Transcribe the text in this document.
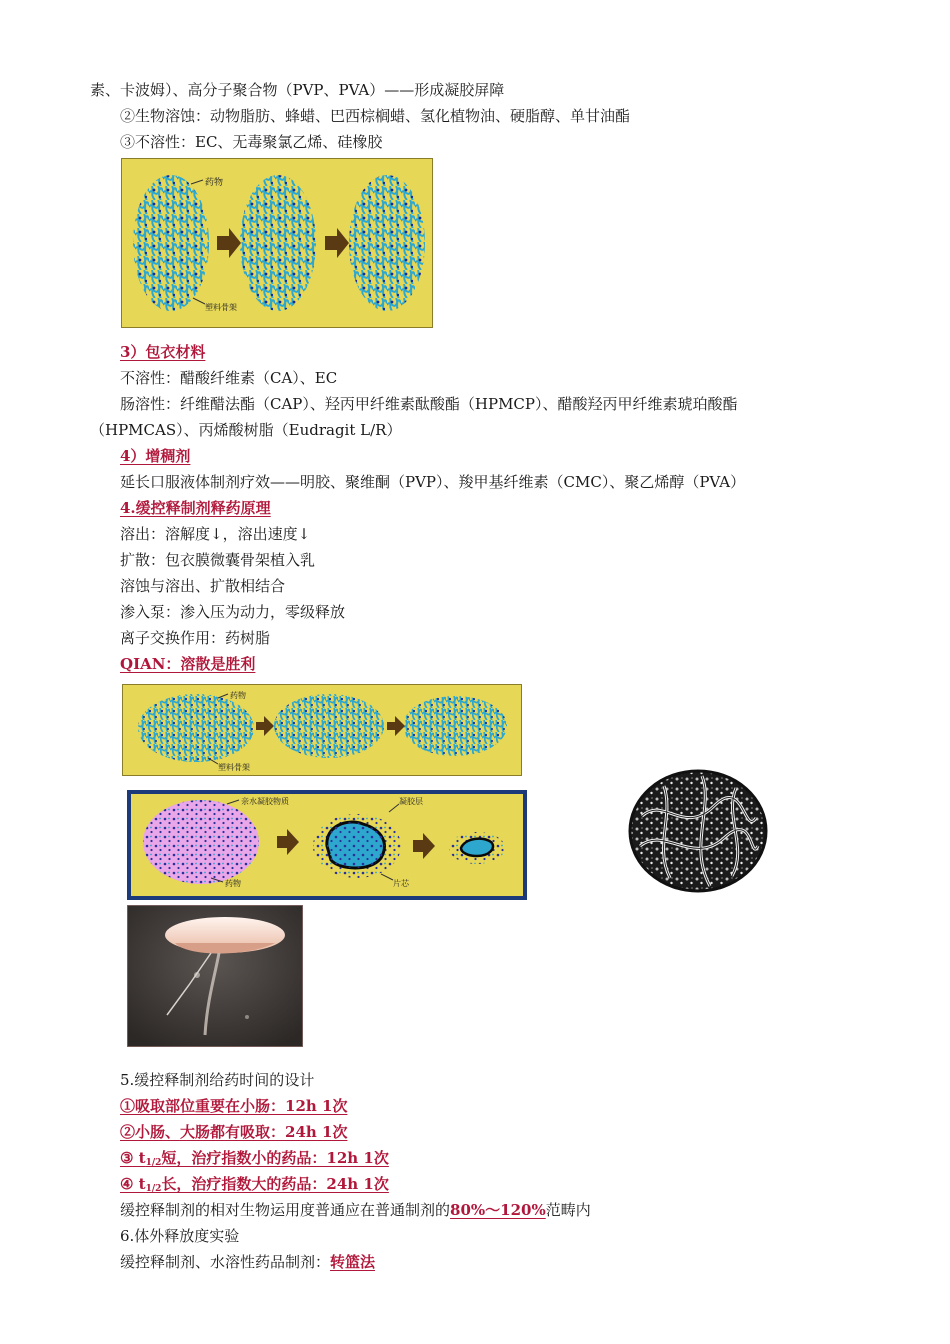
素、卡波姆）、高分子聚合物（PVP、PVA）——形成凝胶屏障
②生物溶蚀：动物脂肪、蜂蜡、巴西棕榈蜡、氢化植物油、硬脂醇、单甘油酯
③不溶性：EC、无毒聚氯乙烯、硅橡胶
药物
塑料骨架
3）包衣材料
不溶性：醋酸纤维素（CA）、EC
肠溶性：纤维醋法酯（CAP）、羟丙甲纤维素酞酸酯（HPMCP）、醋酸羟丙甲纤维素琥珀酸酯
（HPMCAS）、丙烯酸树脂（Eudragit L/R）
4）增稠剂
延长口服液体制剂疗效——明胶、聚维酮（PVP）、羧甲基纤维素（CMC）、聚乙烯醇（PVA）
4.缓控释制剂释药原理
溶出：溶解度↓，溶出速度↓
扩散：包衣膜微囊骨架植入乳
溶蚀与溶出、扩散相结合
渗入泵：渗入压为动力，零级释放
离子交换作用：药树脂
QIAN：溶散是胜利
药物
塑料骨架
亲水凝胶物质	凝胶层
药物	片芯
5.缓控释制剂给药时间的设计
①吸取部位重要在小肠：12h 1次
②小肠、大肠都有吸取：24h 1次
③ $t_{1/2}$短，治疗指数小的药品：12h 1次
④ $t_{1/2}$长，治疗指数大的药品：24h 1次
缓控释制剂的相对生物运用度普通应在普通制剂的80%～120%范畴内
6.体外释放度实验
缓控释制剂、水溶性药品制剂：转篮法
